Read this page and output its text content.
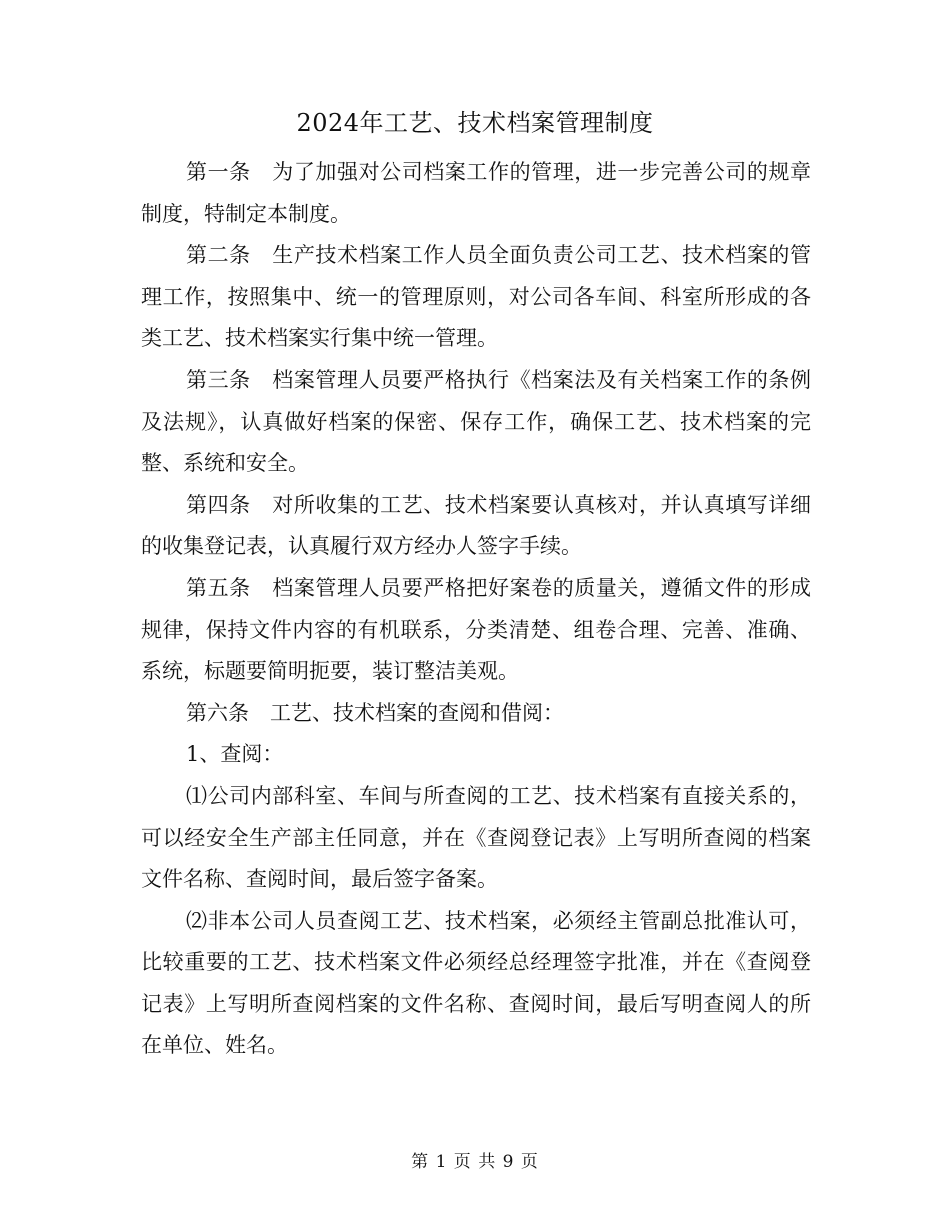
2024年工艺、技术档案管理制度

第一条　为了加强对公司档案工作的管理，进一步完善公司的规章制度，特制定本制度。

第二条　生产技术档案工作人员全面负责公司工艺、技术档案的管理工作，按照集中、统一的管理原则，对公司各车间、科室所形成的各类工艺、技术档案实行集中统一管理。

第三条　档案管理人员要严格执行《档案法及有关档案工作的条例及法规》，认真做好档案的保密、保存工作，确保工艺、技术档案的完整、系统和安全。

第四条　对所收集的工艺、技术档案要认真核对，并认真填写详细的收集登记表，认真履行双方经办人签字手续。

第五条　档案管理人员要严格把好案卷的质量关，遵循文件的形成规律，保持文件内容的有机联系，分类清楚、组卷合理、完善、准确、系统，标题要简明扼要，装订整洁美观。

第六条　工艺、技术档案的查阅和借阅：

1、查阅：

⑴公司内部科室、车间与所查阅的工艺、技术档案有直接关系的，可以经安全生产部主任同意，并在《查阅登记表》上写明所查阅的档案文件名称、查阅时间，最后签字备案。

⑵非本公司人员查阅工艺、技术档案，必须经主管副总批准认可，比较重要的工艺、技术档案文件必须经总经理签字批准，并在《查阅登记表》上写明所查阅档案的文件名称、查阅时间，最后写明查阅人的所在单位、姓名。

第 1 页 共 9 页
